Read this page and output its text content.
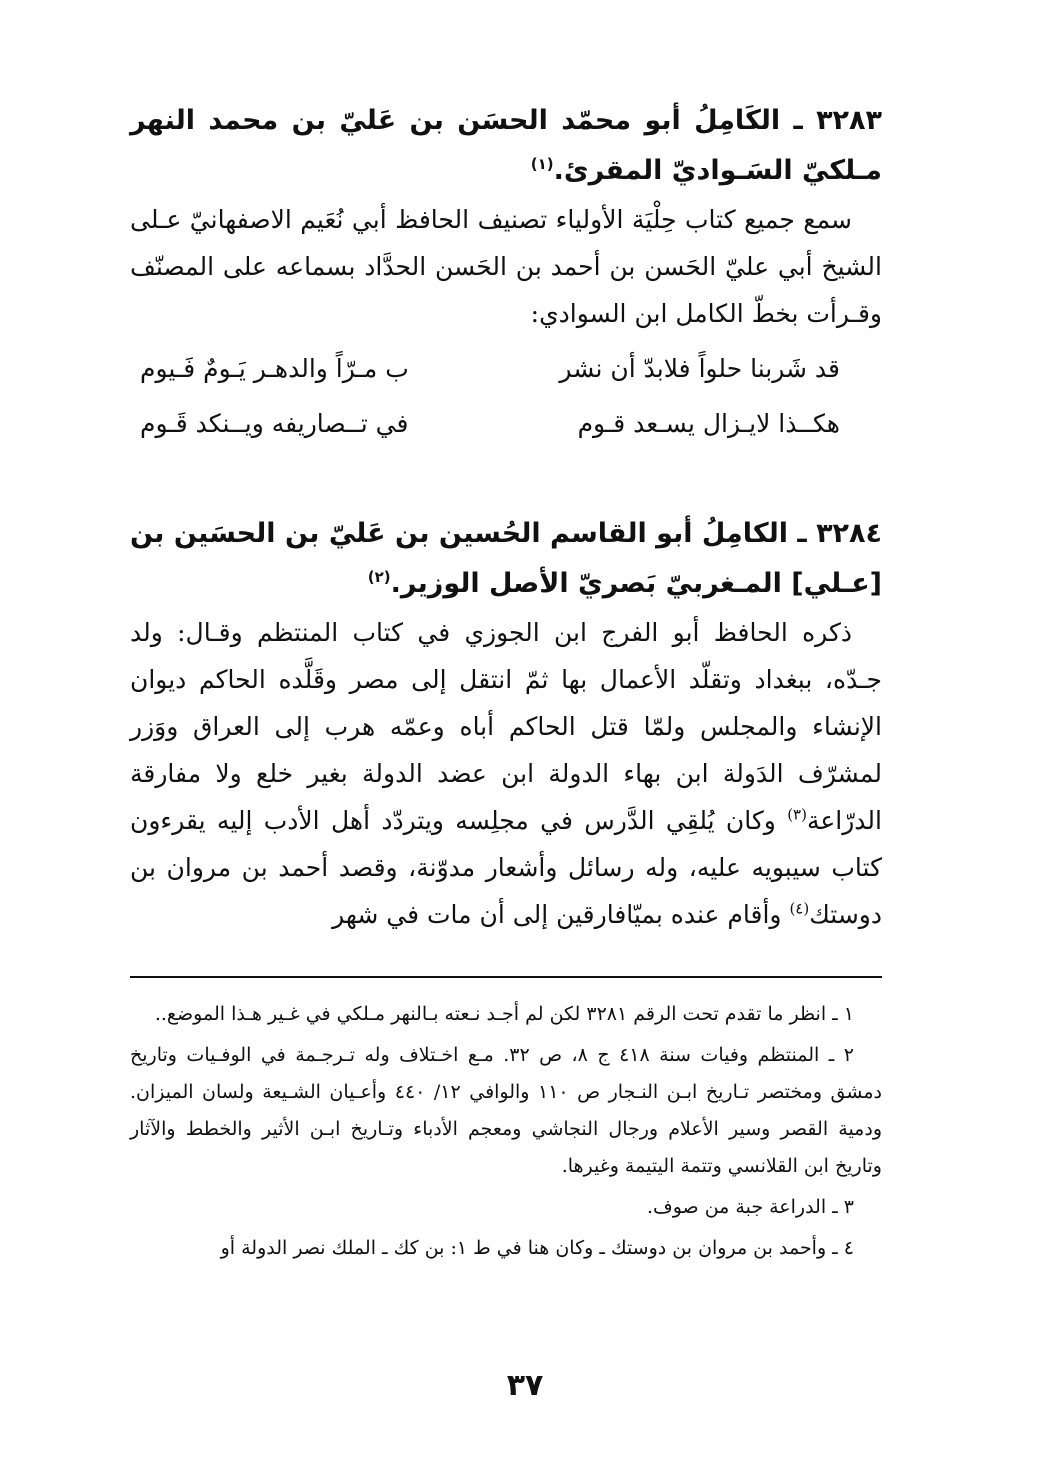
٣٢٨٣ ـ الكَامِلُ أبو محمّد الحسَن بن عَليّ بن محمد النهر مـلكيّ السَـواديّ المقرئ.$^{(١)}$

سمع جميع كتاب حِلْيَة الأولياء تصنيف الحافظ أبي نُعَيم الاصفهانيّ عـلى الشيخ أبي عليّ الحَسن بن أحمد بن الحَسن الحدَّاد بسماعه على المصنّف وقـرأت بخطّ الكامل ابن السوادي:

قد شَربنا حلواً فلابدّ أن نشر
ب مـرّاً والدهـر يَـومٌ فَـيوم
هكــذا لايـزال يسـعد قـوم
في تــصاريفه ويــنكد قَـوم

٣٢٨٤ ـ الكامِلُ أبو القاسم الحُسين بن عَليّ بن الحسَين بن [عـلي] المـغربيّ بَصريّ الأصل الوزير.$^{(٢)}$

ذكره الحافظ أبو الفرج ابن الجوزي في كتاب المنتظم وقـال: ولد جـدّه، ببغداد وتقلّد الأعمال بها ثمّ انتقل إلى مصر وقَلَّده الحاكم ديوان الإنشاء والمجلس ولمّا قتل الحاكم أباه وعمّه هرب إلى العراق ووَزر لمشرّف الدَولة ابن بهاء الدولة ابن عضد الدولة بغير خلع ولا مفارقة الدرّاعة$^{(٣)}$ وكان يُلقِي الدَّرس في مجلِسه ويتردّد أهل الأدب إليه يقرءون كتاب سيبويه عليه، وله رسائل وأشعار مدوّنة، وقصد أحمد بن مروان بن دوستك$^{(٤)}$ وأقام عنده بميّافارقين إلى أن مات في شهر

١ ـ انظر ما تقدم تحت الرقم ٣٢٨١ لكن لم أجـد نـعته بـالنهر مـلكي في غـير هـذا الموضع..

٢ ـ المنتظم وفيات سنة ٤١٨ ج ٨، ص ٣٢. مـع اخـتلاف وله تـرجـمة في الوفـيات وتاريخ دمشق ومختصر تـاريخ ابـن النـجار ص ١١٠ والوافي ١٢/ ٤٤٠ وأعـيان الشـيعة ولسان الميزان. ودمية القصر وسير الأعلام ورجال النجاشي ومعجم الأدباء وتـاريخ ابـن الأثير والخطط والآثار وتاريخ ابن القلانسي وتتمة اليتيمة وغيرها.

٣ ـ الدراعة جبة من صوف.

٤ ـ وأحمد بن مروان بن دوستك ـ وكان هنا في ط ١: بن كك ـ الملك نصر الدولة أو

٣٧
